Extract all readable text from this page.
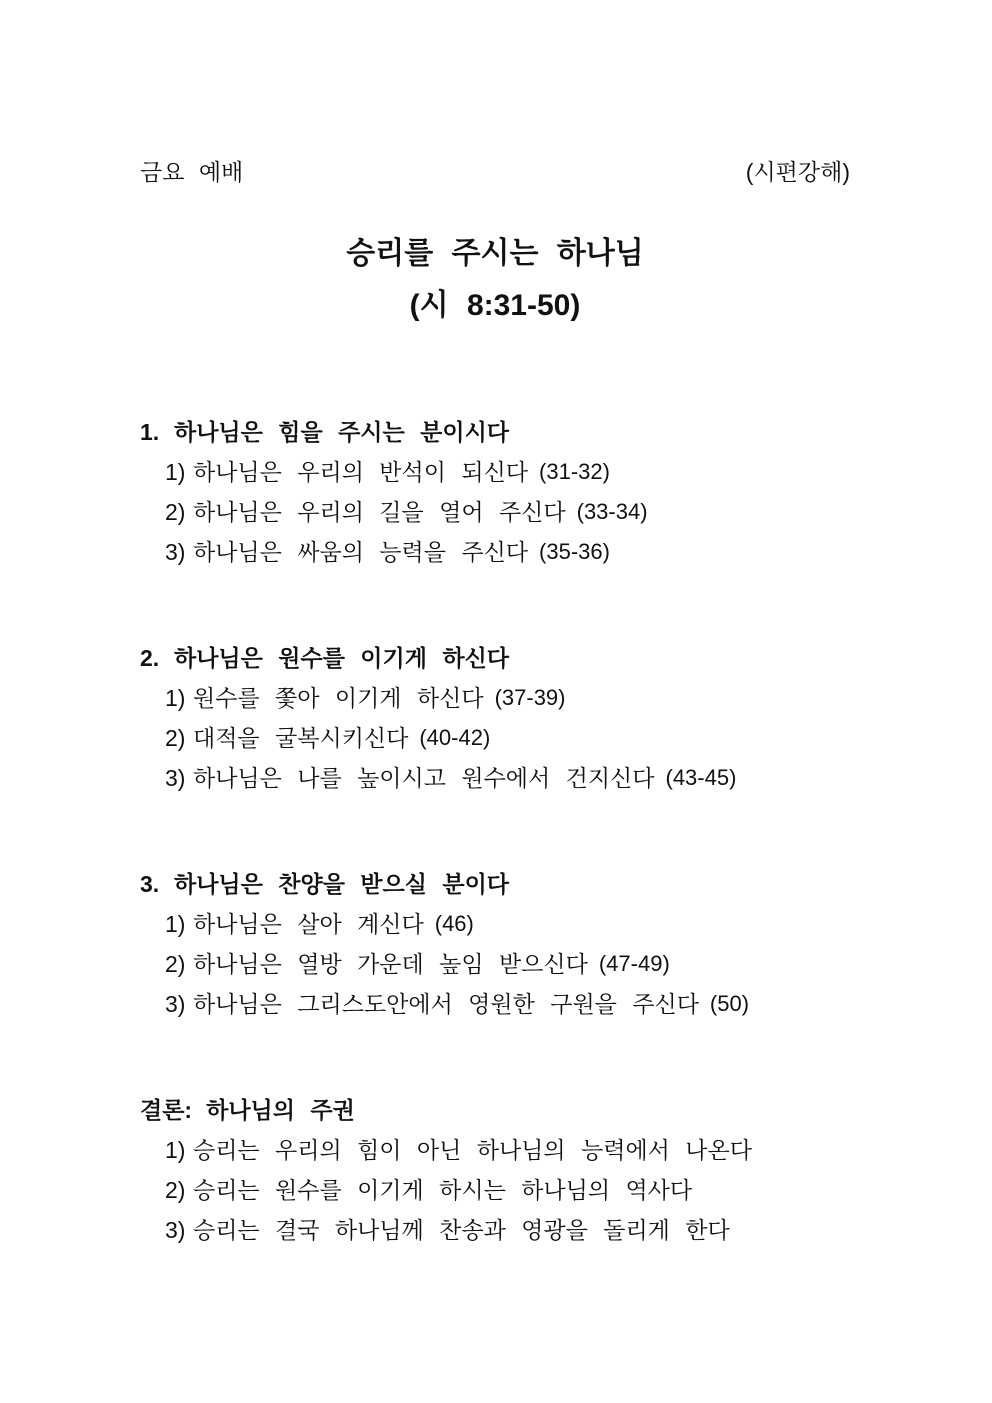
금요 예배	(시편강해)
승리를 주시는 하나님
(시 8:31-50)
1. 하나님은 힘을 주시는 분이시다
1) 하나님은 우리의 반석이 되신다 (31-32)
2) 하나님은 우리의 길을 열어 주신다 (33-34)
3) 하나님은 싸움의 능력을 주신다 (35-36)
2. 하나님은 원수를 이기게 하신다
1) 원수를 쫓아 이기게 하신다 (37-39)
2) 대적을 굴복시키신다 (40-42)
3) 하나님은 나를 높이시고 원수에서 건지신다 (43-45)
3. 하나님은 찬양을 받으실 분이다
1) 하나님은 살아 계신다 (46)
2) 하나님은 열방 가운데 높임 받으신다 (47-49)
3) 하나님은 그리스도안에서 영원한 구원을 주신다 (50)
결론: 하나님의 주권
1) 승리는 우리의 힘이 아닌 하나님의 능력에서 나온다
2) 승리는 원수를 이기게 하시는 하나님의 역사다
3) 승리는 결국 하나님께 찬송과 영광을 돌리게 한다
